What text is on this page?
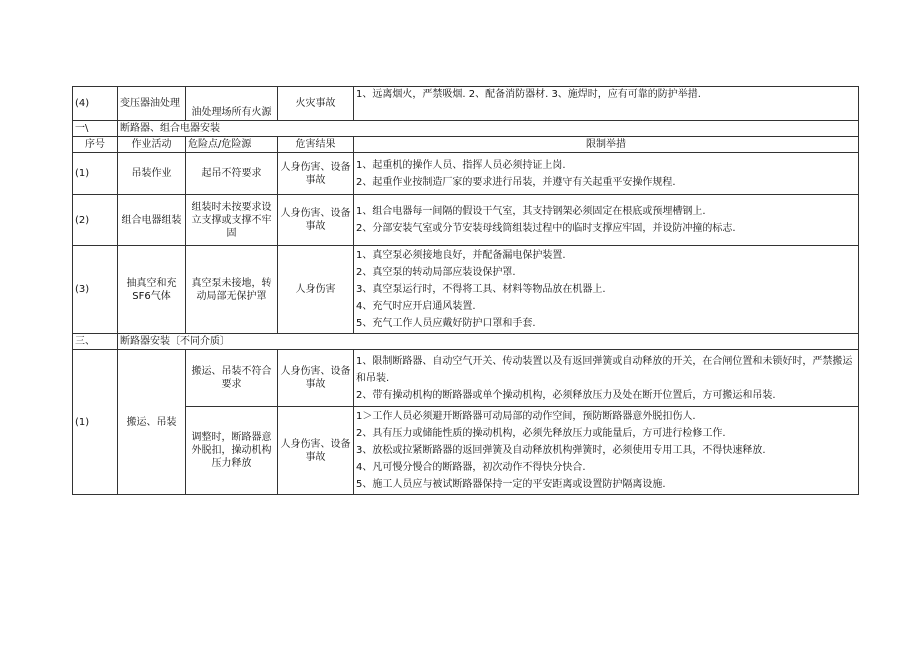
(4)	变压器油处理	油处理场所有火源	火灾事故	1、远离烟火，严禁吸烟. 2、配备消防器材. 3、施焊时，应有可靠的防护举措.
一\	断路器、组合电器安装			
序号	作业活动	危险点/危险源	危害结果	限制举措
(1)	吊装作业	起吊不符要求	人身伤害、设备事故	1、起重机的操作人员、指挥人员必须持证上岗.
2、起重作业按制造厂家的要求进行吊装，并遵守有关起重平安操作规程.

(2)	组合电器组装	组装时未按要求设立支撑或支撑不牢固	人身伤害、设备事故	1、组合电器每一间隔的假设干气室，其支持钢架必须固定在根底或预埋槽钢上.
2、分部安装气室或分节安装母线筒组装过程中的临时支撑应牢固，并设防冲撞的标志.

(3)	抽真空和充SF6气体	真空泵未接地，转动局部无保护罩	人身伤害	1、真空泵必须接地良好，并配备漏电保护装置.
2、真空泵的转动局部应装设保护罩.
3、真空泵运行时，不得将工具、材料等物品放在机器上.
4、充气时应开启通风装置.
5、充气工作人员应戴好防护口罩和手套.

三、	断路器安装〔不同介质〕			
(1)	搬运、吊装	搬运、吊装不符合要求	人身伤害、设备事故	1、限制断路器、自动空气开关、传动装置以及有返回弹簧或自动释放的开关，在合闸位置和未锁好时，严禁搬运和吊装.
2、带有操动机构的断路器或单个操动机构，必须释放压力及处在断开位置后，方可搬运和吊装.

		调整时，断路器意外脱扣，操动机构压力释放	人身伤害、设备事故	1＞工作人员必须避开断路器可动局部的动作空间，预防断路器意外脱扣伤人.
2、具有压力或储能性质的操动机构，必须先释放压力或能量后，方可进行检修工作.
3、放松或拉紧断路器的返回弹簧及自动释放机构弹簧时，必须使用专用工具，不得快速释放.
4、凡可慢分慢合的断路器，初次动作不得快分快合.
5、施工人员应与被试断路器保持一定的平安距离或设置防护隔离设施.
